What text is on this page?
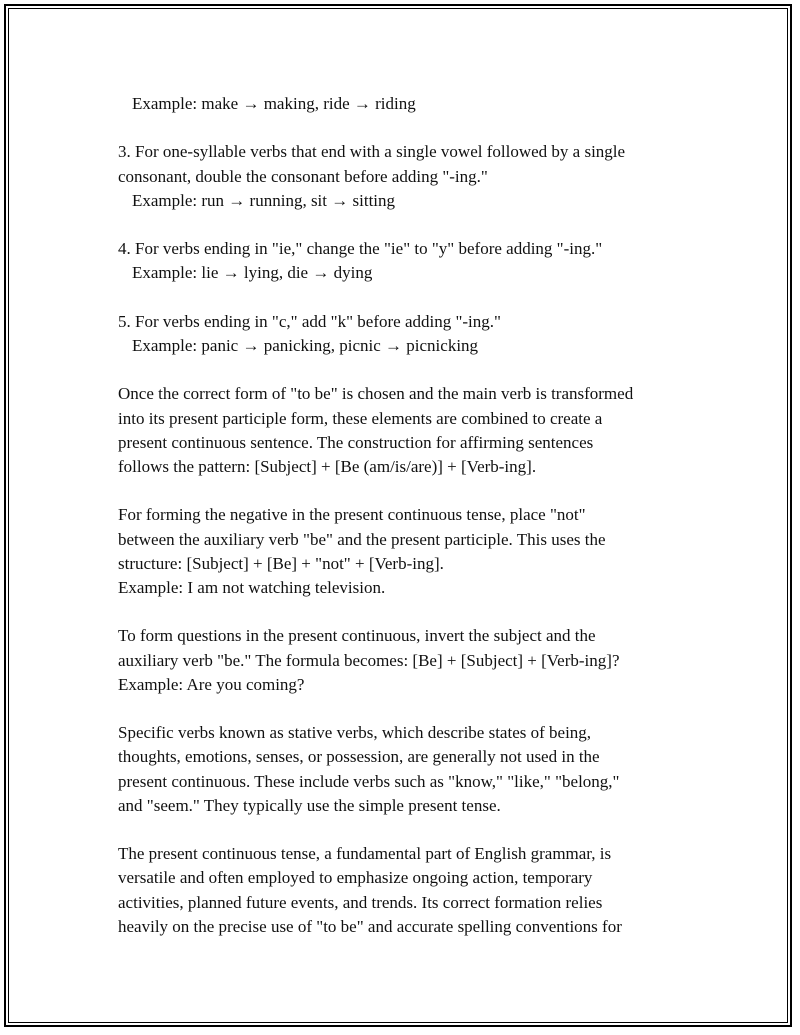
Example: make → making, ride → riding
3. For one-syllable verbs that end with a single vowel followed by a single
consonant, double the consonant before adding "-ing."
Example: run → running, sit → sitting
4. For verbs ending in "ie," change the "ie" to "y" before adding "-ing."
Example: lie → lying, die → dying
5. For verbs ending in "c," add "k" before adding "-ing."
Example: panic → panicking, picnic → picnicking
Once the correct form of "to be" is chosen and the main verb is transformed
into its present participle form, these elements are combined to create a
present continuous sentence. The construction for affirming sentences
follows the pattern: [Subject] + [Be (am/is/are)] + [Verb-ing].
For forming the negative in the present continuous tense, place "not"
between the auxiliary verb "be" and the present participle. This uses the
structure: [Subject] + [Be] + "not" + [Verb-ing].
Example: I am not watching television.
To form questions in the present continuous, invert the subject and the
auxiliary verb "be." The formula becomes: [Be] + [Subject] + [Verb-ing]?
Example: Are you coming?
Specific verbs known as stative verbs, which describe states of being,
thoughts, emotions, senses, or possession, are generally not used in the
present continuous. These include verbs such as "know," "like," "belong,"
and "seem." They typically use the simple present tense.
The present continuous tense, a fundamental part of English grammar, is
versatile and often employed to emphasize ongoing action, temporary
activities, planned future events, and trends. Its correct formation relies
heavily on the precise use of "to be" and accurate spelling conventions for
